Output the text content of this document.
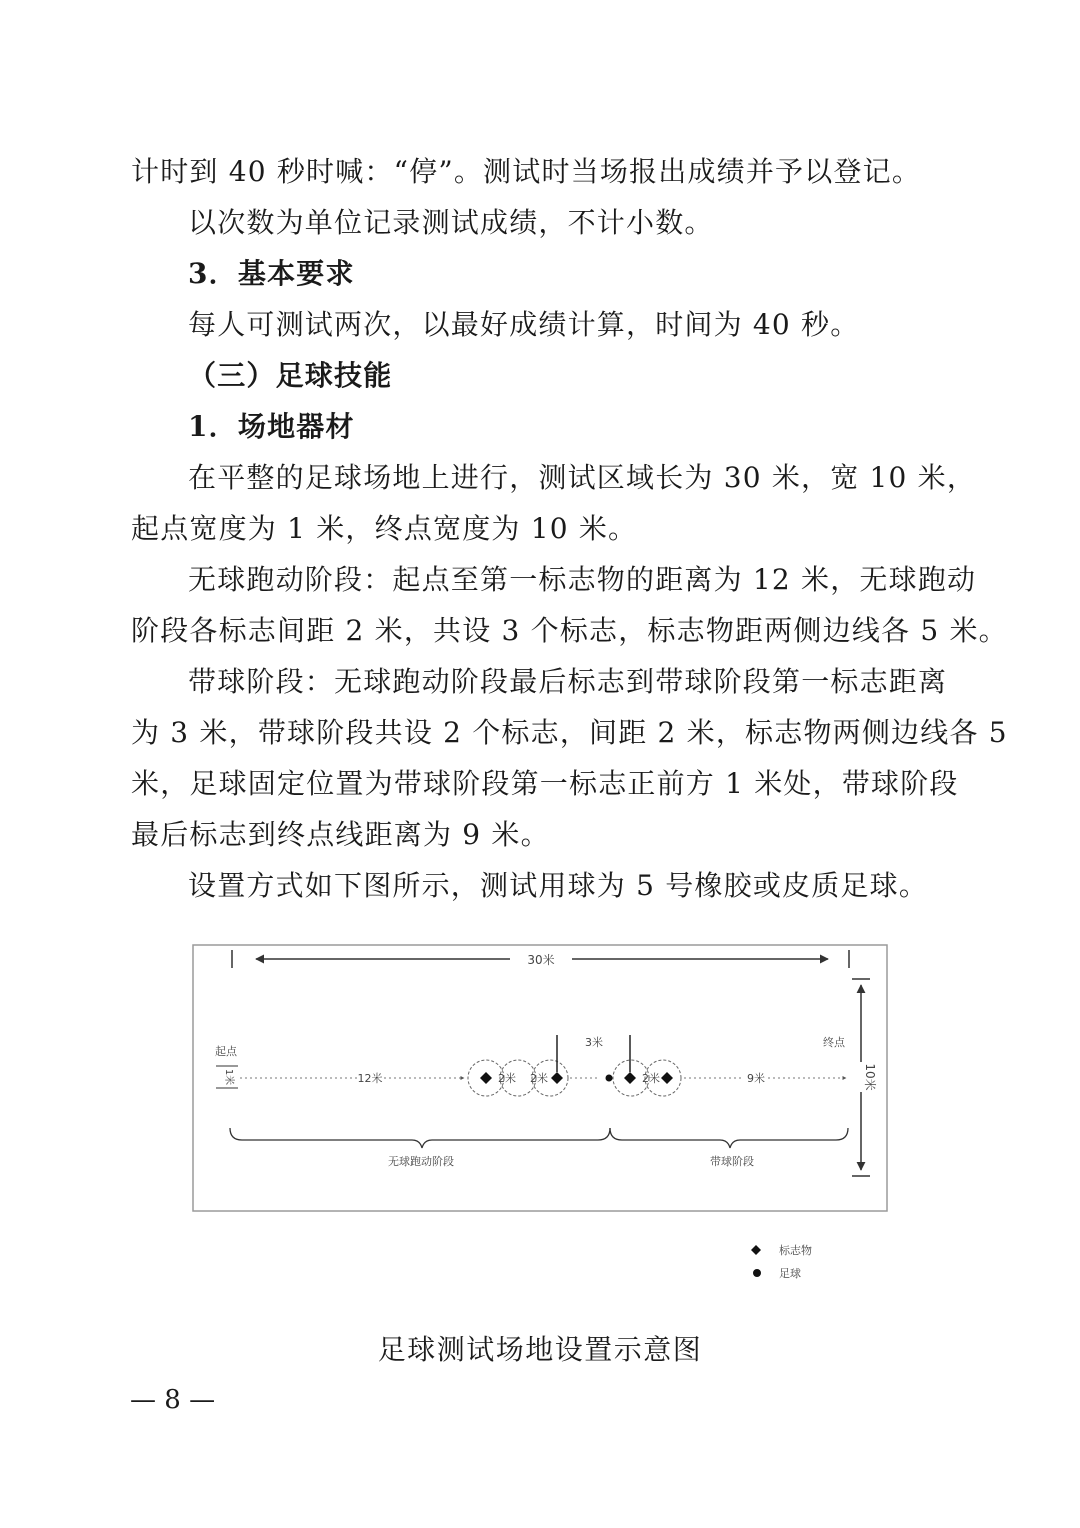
计时到 40 秒时喊：“停”。测试时当场报出成绩并予以登记。
以次数为单位记录测试成绩，不计小数。
3．基本要求
每人可测试两次，以最好成绩计算，时间为 40 秒。
（三）足球技能
1．场地器材
在平整的足球场地上进行，测试区域长为 30 米，宽 10 米，
起点宽度为 1 米，终点宽度为 10 米。
无球跑动阶段：起点至第一标志物的距离为 12 米，无球跑动
阶段各标志间距 2 米，共设 3 个标志，标志物距两侧边线各 5 米。
带球阶段：无球跑动阶段最后标志到带球阶段第一标志距离
为 3 米，带球阶段共设 2 个标志，间距 2 米，标志物两侧边线各 5
米，足球固定位置为带球阶段第一标志正前方 1 米处，带球阶段
最后标志到终点线距离为 9 米。
设置方式如下图所示，测试用球为 5 号橡胶或皮质足球。
30米
10米
起点
1米	12米	2米 2米
3米
2米	9米
终点
无球跑动阶段	带球阶段
标志物
足球
足球测试场地设置示意图
— 8 —
